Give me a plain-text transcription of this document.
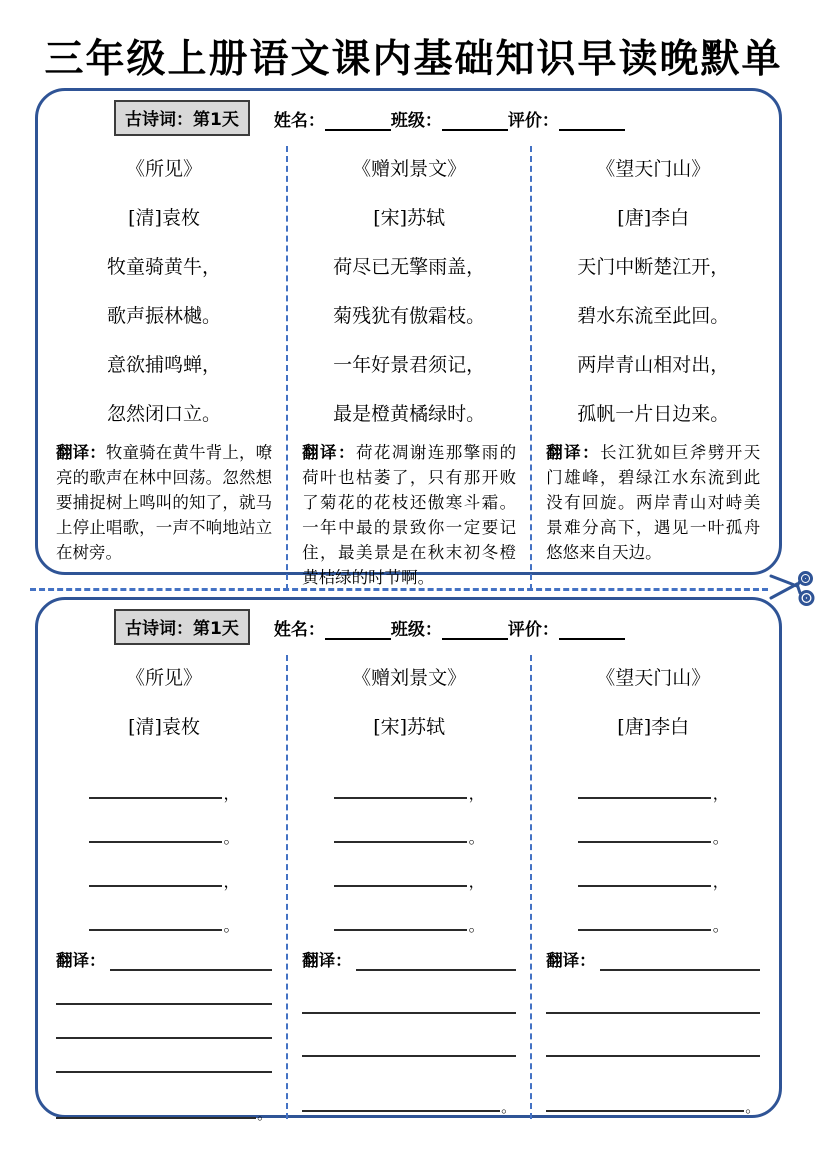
三年级上册语文课内基础知识早读晚默单
古诗词：第1天	姓名：	班级：	评价：
《所见》
[清]袁枚
牧童骑黄牛，
歌声振林樾。
意欲捕鸣蝉，
忽然闭口立。

翻译：牧童骑在黄牛背上，嘹亮的歌声在林中回荡。忽然想要捕捉树上鸣叫的知了，就马上停止唱歌，一声不响地站立在树旁。

《赠刘景文》
[宋]苏轼
荷尽已无擎雨盖，
菊残犹有傲霜枝。
一年好景君须记，
最是橙黄橘绿时。

翻译：荷花凋谢连那擎雨的荷叶也枯萎了，只有那开败了菊花的花枝还傲寒斗霜。一年中最的景致你一定要记住，最美景是在秋末初冬橙黄桔绿的时节啊。

《望天门山》
[唐]李白
天门中断楚江开，
碧水东流至此回。
两岸青山相对出，
孤帆一片日边来。

翻译：长江犹如巨斧劈开天门雄峰，碧绿江水东流到此没有回旋。两岸青山对峙美景难分高下，遇见一叶孤舟悠悠来自天边。

古诗词：第1天	姓名：	班级：	评价：
《所见》
[清]袁枚
，
。
，
。
翻译：
。
《赠刘景文》
[宋]苏轼
，
。
，
。
翻译：
。
《望天门山》
[唐]李白
，
。
，
。
翻译：
。
